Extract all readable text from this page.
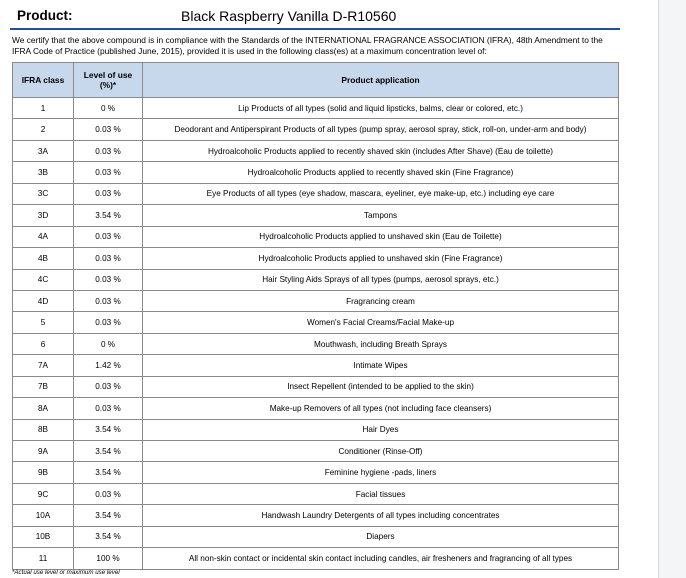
Product:	Black Raspberry Vanilla D-R10560
We certify that the above compound is in compliance with the Standards of the INTERNATIONAL FRAGRANCE ASSOCIATION (IFRA), 48th Amendment to the IFRA Code of Practice (published June, 2015), provided it is used in the following class(es) at a maximum concentration level of:
IFRA class	Level of use (%)*	Product application
1	0 %	Lip Products of all types (solid and liquid lipsticks, balms, clear or colored, etc.)
2	0.03 %	Deodorant and Antiperspirant Products of all types (pump spray, aerosol spray, stick, roll-on, under-arm and body)
3A	0.03 %	Hydroalcoholic Products applied to recently shaved skin (includes After Shave) (Eau de toilette)
3B	0.03 %	Hydroalcoholic Products applied to recently shaved skin (Fine Fragrance)
3C	0.03 %	Eye Products of all types (eye shadow, mascara, eyeliner, eye make-up, etc.) including eye care
3D	3.54 %	Tampons
4A	0.03 %	Hydroalcoholic Products applied to unshaved skin (Eau de Toilette)
4B	0.03 %	Hydroalcoholic Products applied to unshaved skin (Fine Fragrance)
4C	0.03 %	Hair Styling Aids Sprays of all types (pumps, aerosol sprays, etc.)
4D	0.03 %	Fragrancing cream
5	0.03 %	Women's Facial Creams/Facial Make-up
6	0 %	Mouthwash, including Breath Sprays
7A	1.42 %	Intimate Wipes
7B	0.03 %	Insect Repellent (intended to be applied to the skin)
8A	0.03 %	Make-up Removers of all types (not including face cleansers)
8B	3.54 %	Hair Dyes
9A	3.54 %	Conditioner (Rinse-Off)
9B	3.54 %	Feminine hygiene -pads, liners
9C	0.03 %	Facial tissues
10A	3.54 %	Handwash Laundry Detergents of all types including concentrates
10B	3.54 %	Diapers
11	100 %	All non-skin contact or incidental skin contact including candles, air fresheners and fragrancing of all types
*Actual use level or maximum use level
